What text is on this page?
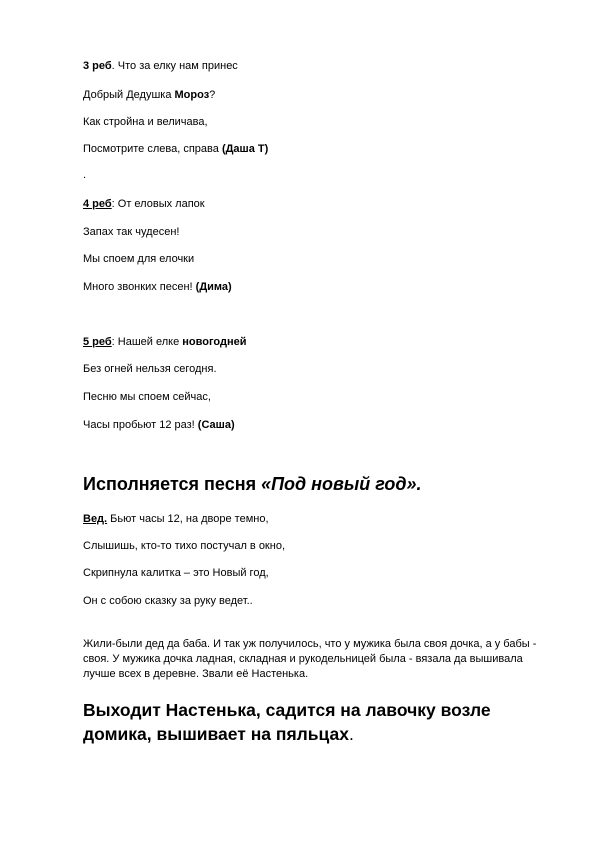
3 реб. Что за елку нам принес
Добрый Дедушка Мороз?
Как стройна и величава,
Посмотрите слева, справа (Даша Т)
.
4 реб: От еловых лапок
Запах так чудесен!
Мы споем для елочки
Много звонких песен! (Дима)
5 реб: Нашей елке новогодней
Без огней нельзя сегодня.
Песню мы споем сейчас,
Часы пробьют 12 раз! (Саша)
Исполняется песня «Под новый год».
Вед. Бьют часы 12, на дворе темно,
Слышишь, кто-то тихо постучал в окно,
Скрипнула калитка – это Новый год,
Он с собою сказку за руку ведет..
Жили-были дед да баба. И так уж получилось, что у мужика была своя дочка, а у бабы - своя. У мужика дочка ладная, складная и рукодельницей была - вязала да вышивала лучше всех в деревне. Звали её Настенька.
Выходит Настенька, садится на лавочку возле домика, вышивает на пяльцах.
